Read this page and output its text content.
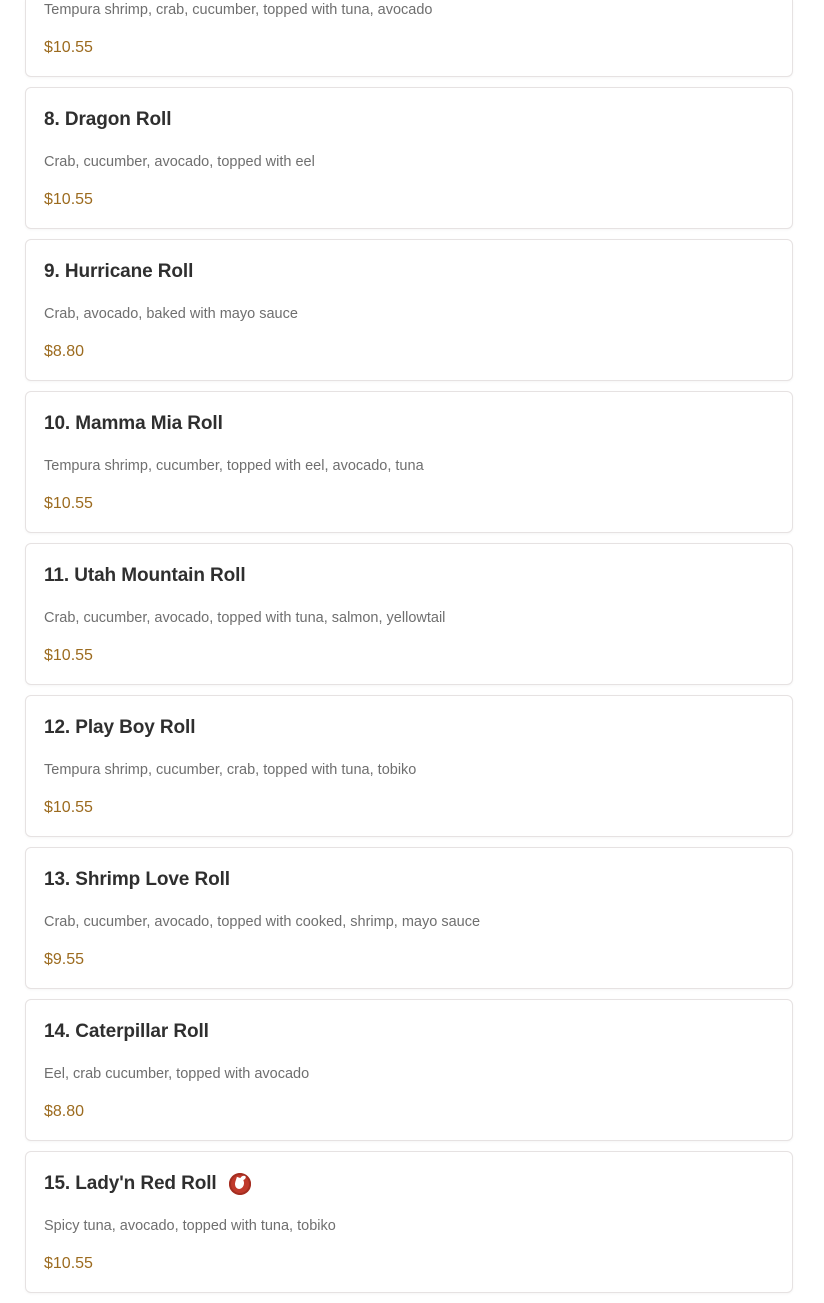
Tempura shrimp, crab, cucumber, topped with tuna, avocado
$10.55
8. Dragon Roll
Crab, cucumber, avocado, topped with eel
$10.55
9. Hurricane Roll
Crab, avocado, baked with mayo sauce
$8.80
10. Mamma Mia Roll
Tempura shrimp, cucumber, topped with eel, avocado, tuna
$10.55
11. Utah Mountain Roll
Crab, cucumber, avocado, topped with tuna, salmon, yellowtail
$10.55
12. Play Boy Roll
Tempura shrimp, cucumber, crab, topped with tuna, tobiko
$10.55
13. Shrimp Love Roll
Crab, cucumber, avocado, topped with cooked, shrimp, mayo sauce
$9.55
14. Caterpillar Roll
Eel, crab cucumber, topped with avocado
$8.80
15. Lady'n Red Roll
Spicy tuna, avocado, topped with tuna, tobiko
$10.55
